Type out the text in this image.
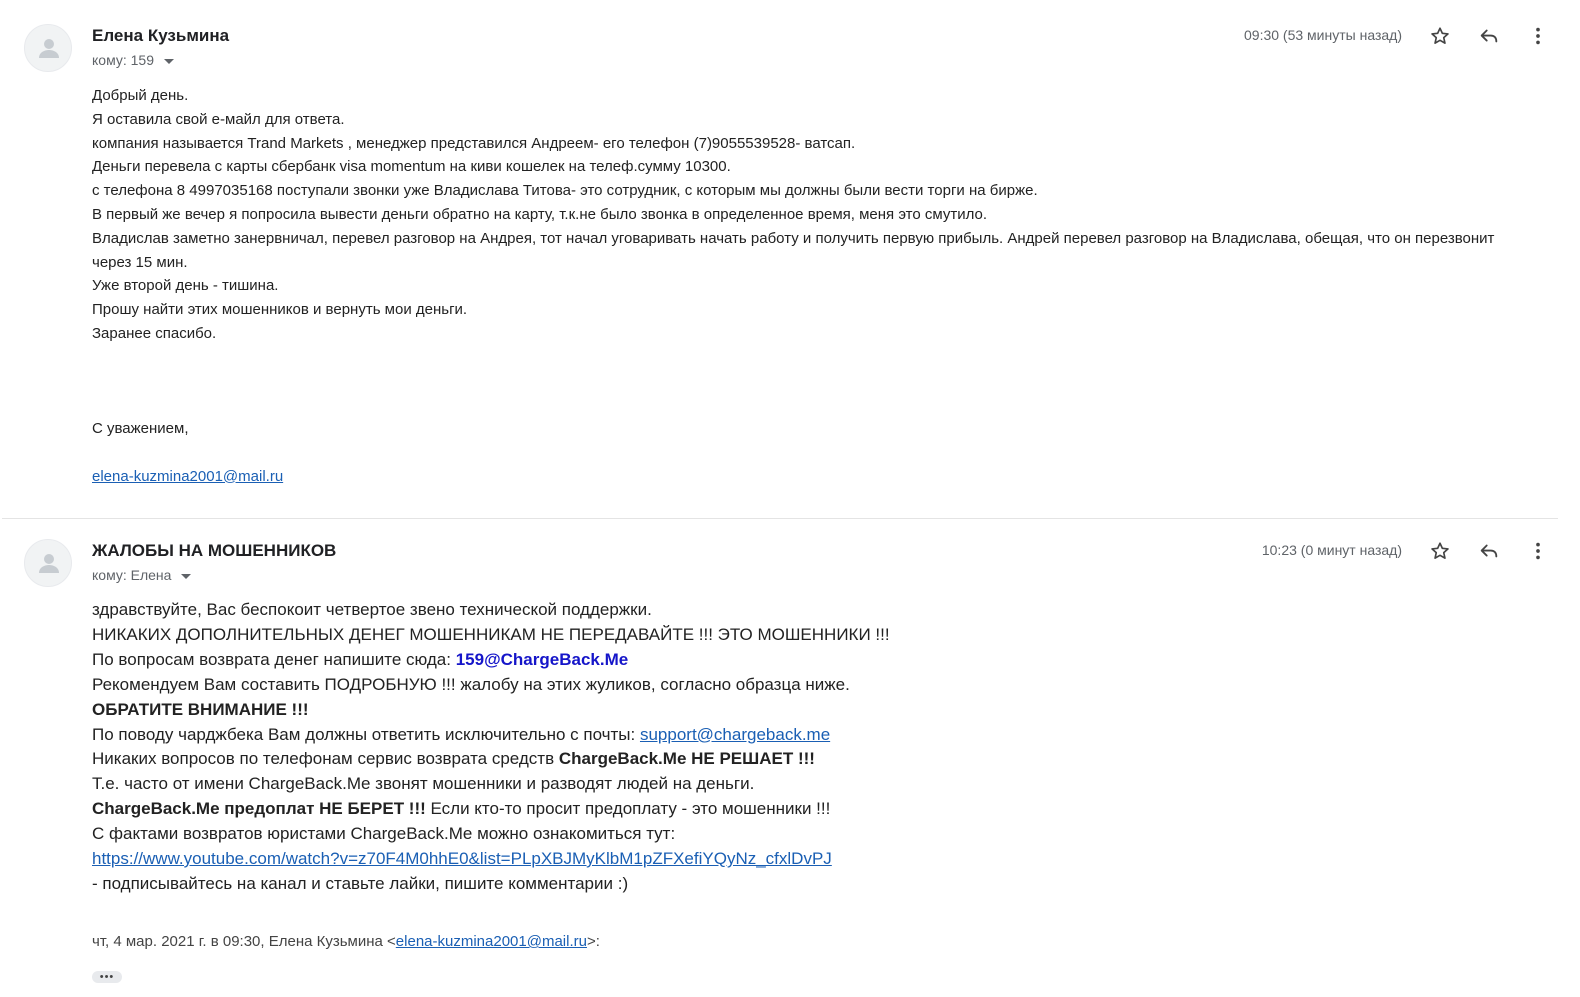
Елена Кузьмина
кому: 159
09:30 (53 минуты назад)

Добрый день.

Я оставила свой е-майл для ответа.

компания называется Trand Markets , менеджер представился Андреем- его телефон (7)9055539528- ватсап.

Деньги перевела с карты сбербанк visa momentum на киви кошелек на телеф.сумму 10300.

с телефона 8 4997035168 поступали звонки уже Владислава Титова- это сотрудник, с которым мы должны были вести торги на бирже.

В первый же вечер я попросила вывести деньги обратно на карту, т.к.не было звонка в определенное время, меня это смутило.

Владислав заметно занервничал, перевел разговор на Андрея, тот начал уговаривать начать работу и получить первую прибыль. Андрей перевел разговор на Владислава, обещая, что он перезвонит через 15 мин.

Уже второй день - тишина.

Прошу найти этих мошенников и вернуть мои деньги.

Заранее спасибо.

С уважением,

elena-kuzmina2001@mail.ru

ЖАЛОБЫ НА МОШЕННИКОВ
кому: Елена
10:23 (0 минут назад)

здравствуйте, Вас беспокоит четвертое звено технической поддержки.

НИКАКИХ ДОПОЛНИТЕЛЬНЫХ ДЕНЕГ МОШЕННИКАМ НЕ ПЕРЕДАВАЙТЕ !!! ЭТО МОШЕННИКИ !!!

По вопросам возврата денег напишите сюда: 159@ChargeBack.Me

Рекомендуем Вам составить ПОДРОБНУЮ !!! жалобу на этих жуликов, согласно образца ниже.

ОБРАТИТЕ ВНИМАНИЕ !!!

По поводу чарджбека Вам должны ответить исключительно с почты: support@chargeback.me

Никаких вопросов по телефонам сервис возврата средств ChargeBack.Me НЕ РЕШАЕТ !!!

Т.е. часто от имени ChargeBack.Me звонят мошенники и разводят людей на деньги.

ChargeBack.Me предоплат НЕ БЕРЕТ !!! Если кто-то просит предоплату - это мошенники !!!

С фактами возвратов юристами ChargeBack.Me можно ознакомиться тут:

https://www.youtube.com/watch?v=z70F4M0hhE0&list=PLpXBJMyKlbM1pZFXefiYQyNz_cfxlDvPJ

- подписывайтесь на канал и ставьте лайки, пишите комментарии :)

чт, 4 мар. 2021 г. в 09:30, Елена Кузьмина <elena-kuzmina2001@mail.ru>:
•••
